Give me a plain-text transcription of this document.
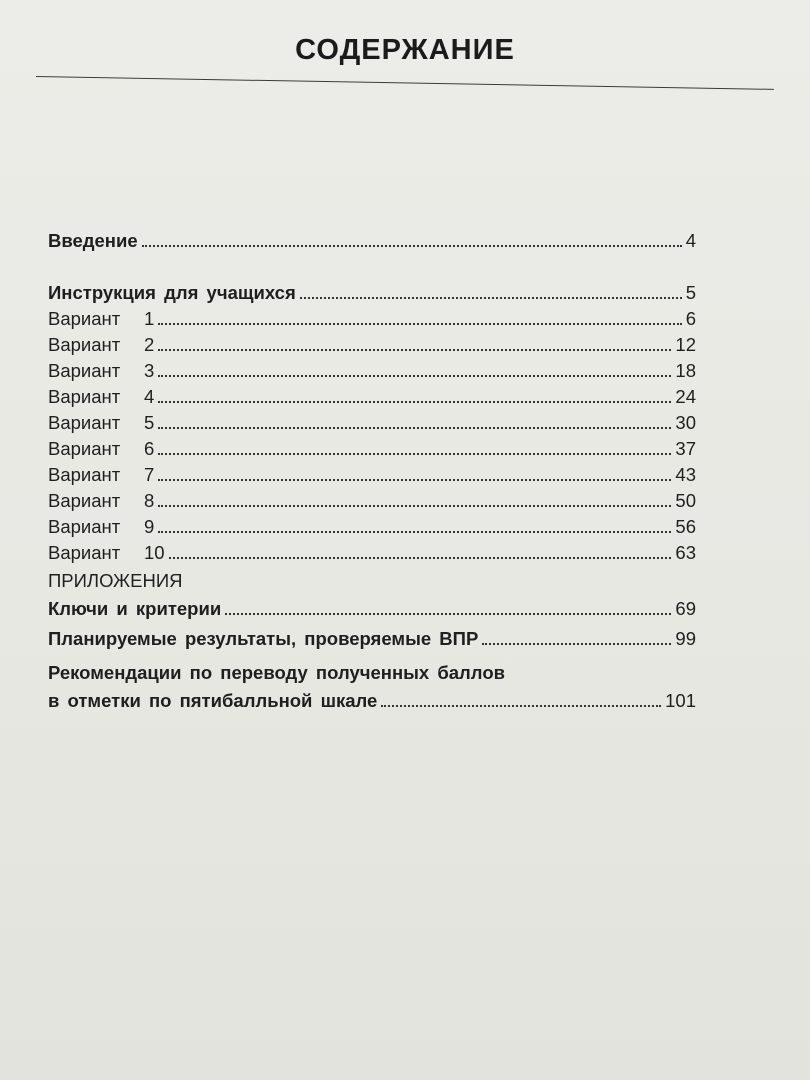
СОДЕРЖАНИЕ
Введение	4
Инструкция для учащихся	5
Вариант 1	6
Вариант 2	12
Вариант 3	18
Вариант 4	24
Вариант 5	30
Вариант 6	37
Вариант 7	43
Вариант 8	50
Вариант 9	56
Вариант 10	63
ПРИЛОЖЕНИЯ
Ключи и критерии	69
Планируемые результаты, проверяемые ВПР	99
Рекомендации по переводу полученных баллов
в отметки по пятибалльной шкале	101
